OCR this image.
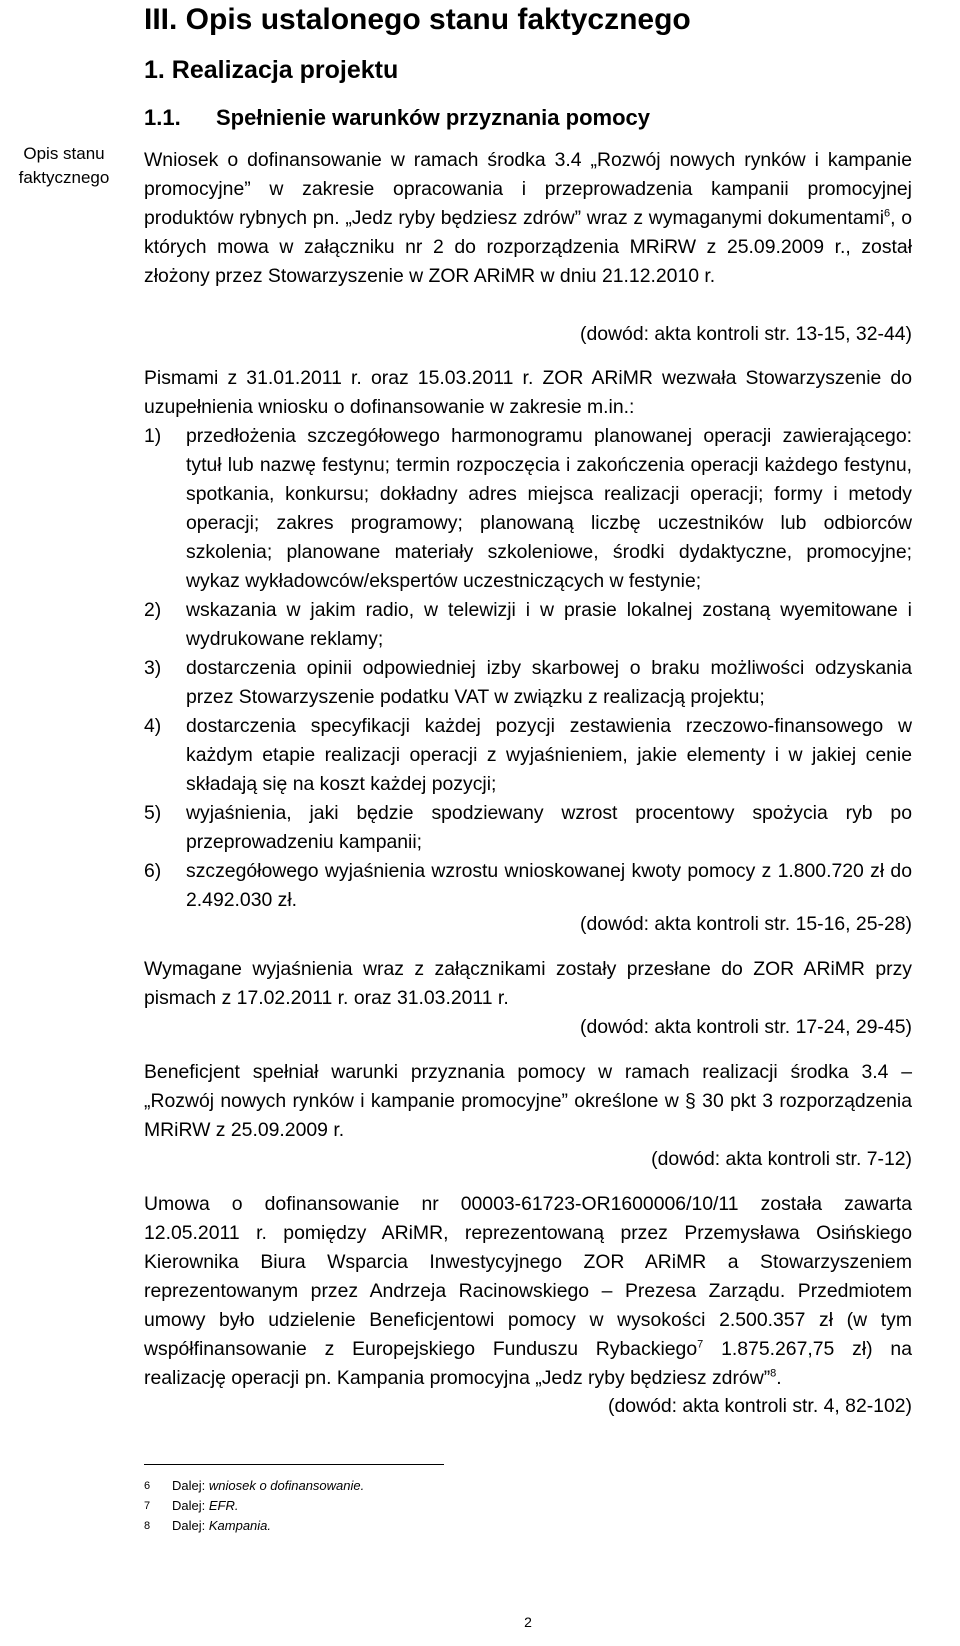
Opis stanu
faktycznego
III. Opis ustalonego stanu faktycznego
1. Realizacja projektu
1.1. Spełnienie warunków przyznania pomocy
Wniosek o dofinansowanie w ramach środka 3.4 „Rozwój nowych rynków i kampanie promocyjne” w zakresie opracowania i przeprowadzenia kampanii promocyjnej produktów rybnych pn. „Jedz ryby będziesz zdrów” wraz z wymaganymi dokumentami$^6$, o których mowa w załączniku nr 2 do rozporządzenia MRiRW z 25.09.2009 r., został złożony przez Stowarzyszenie w ZOR ARiMR w dniu 21.12.2010 r.
(dowód: akta kontroli str. 13-15, 32-44)
Pismami z 31.01.2011 r. oraz 15.03.2011 r. ZOR ARiMR wezwała Stowarzyszenie do uzupełnienia wniosku o dofinansowanie w zakresie m.in.:
1) przedłożenia szczegółowego harmonogramu planowanej operacji zawierającego: tytuł lub nazwę festynu; termin rozpoczęcia i zakończenia operacji każdego festynu, spotkania, konkursu; dokładny adres miejsca realizacji operacji; formy i metody operacji; zakres programowy; planowaną liczbę uczestników lub odbiorców szkolenia; planowane materiały szkoleniowe, środki dydaktyczne, promocyjne; wykaz wykładowców/ekspertów uczestniczących w festynie;
2) wskazania w jakim radio, w telewizji i w prasie lokalnej zostaną wyemitowane i wydrukowane reklamy;
3) dostarczenia opinii odpowiedniej izby skarbowej o braku możliwości odzyskania przez Stowarzyszenie podatku VAT w związku z realizacją projektu;
4) dostarczenia specyfikacji każdej pozycji zestawienia rzeczowo-finansowego w każdym etapie realizacji operacji z wyjaśnieniem, jakie elementy i w jakiej cenie składają się na koszt każdej pozycji;
5) wyjaśnienia, jaki będzie spodziewany wzrost procentowy spożycia ryb po przeprowadzeniu kampanii;
6) szczegółowego wyjaśnienia wzrostu wnioskowanej kwoty pomocy z 1.800.720 zł do 2.492.030 zł.
(dowód: akta kontroli str. 15-16, 25-28)
Wymagane wyjaśnienia wraz z załącznikami zostały przesłane do ZOR ARiMR przy pismach z 17.02.2011 r. oraz 31.03.2011 r.
(dowód: akta kontroli str. 17-24, 29-45)
Beneficjent spełniał warunki przyznania pomocy w ramach realizacji środka 3.4 – „Rozwój nowych rynków i kampanie promocyjne” określone w § 30 pkt 3 rozporządzenia MRiRW z 25.09.2009 r.
(dowód: akta kontroli str. 7-12)
Umowa o dofinansowanie nr 00003-61723-OR1600006/10/11 została zawarta 12.05.2011 r. pomiędzy ARiMR, reprezentowaną przez Przemysława Osińskiego Kierownika Biura Wsparcia Inwestycyjnego ZOR ARiMR a Stowarzyszeniem reprezentowanym przez Andrzeja Racinowskiego – Prezesa Zarządu. Przedmiotem umowy było udzielenie Beneficjentowi pomocy w wysokości 2.500.357 zł (w tym współfinansowanie z Europejskiego Funduszu Rybackiego$^7$ 1.875.267,75 zł) na realizację operacji pn. Kampania promocyjna „Jedz ryby będziesz zdrów”$^8$.
(dowód: akta kontroli str. 4, 82-102)
6 Dalej: wniosek o dofinansowanie.
7 Dalej: EFR.
8 Dalej: Kampania.
2
